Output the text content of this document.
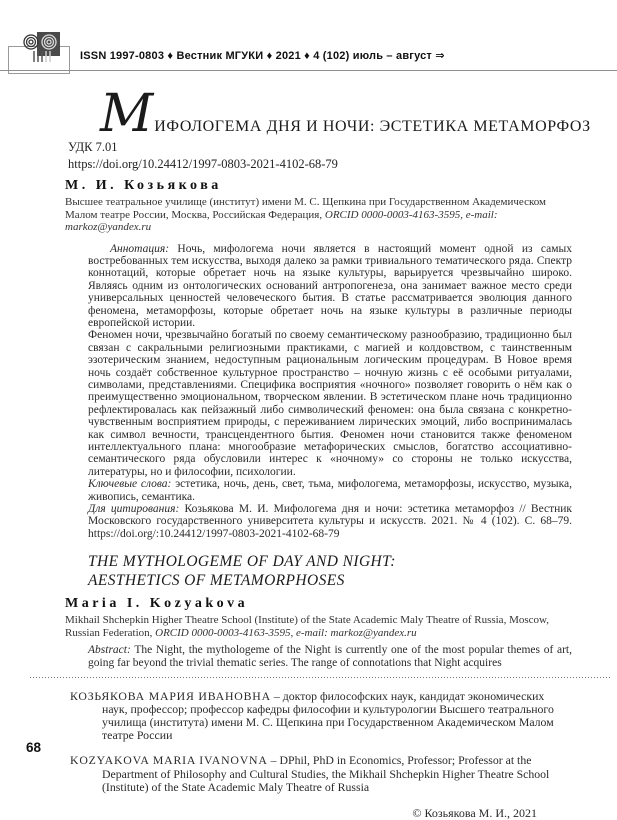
ISSN 1997-0803 ♦ Вестник МГУКИ ♦ 2021 ♦ 4 (102) июль – август ⇒
МИФОЛОГЕМА ДНЯ И НОЧИ: ЭСТЕТИКА МЕТАМОРФОЗ
УДК 7.01
https://doi.org/10.24412/1997-0803-2021-4102-68-79
М. И. Козьякова
Высшее театральное училище (институт) имени М. С. Щепкина при Государственном Академическом Малом театре России, Москва, Российская Федерация, ORCID 0000-0003-4163-3595, e-mail: markoz@yandex.ru

Аннотация: Ночь, мифологема ночи является в настоящий момент одной из самых востребованных тем искусства, выходя далеко за рамки тривиального тематического ряда. Спектр коннотаций, которые обретает ночь на языке культуры, варьируется чрезвычайно широко. Являясь одним из онтологических оснований антропогенеза, она занимает важное место среди универсальных ценностей человеческого бытия. В статье рассматривается эволюция данного феномена, метаморфозы, которые обретает ночь на языке культуры в различные периоды европейской истории.

Феномен ночи, чрезвычайно богатый по своему семантическому разнообразию, традиционно был связан с сакральными религиозными практиками, с магией и колдовством, с таинственным эзотерическим знанием, недоступным рациональным логическим процедурам. В Новое время ночь создаёт собственное культурное пространство – ночную жизнь с её особыми ритуалами, символами, представлениями. Специфика восприятия «ночного» позволяет говорить о нём как о преимущественно эмоциональном, творческом явлении. В эстетическом плане ночь традиционно рефлектировалась как пейзажный либо символический феномен: она была связана с конкретно-чувственным восприятием природы, с переживанием лирических эмоций, либо воспринималась как символ вечности, трансцендентного бытия. Феномен ночи становится также феноменом интеллектуального плана: многообразие метафорических смыслов, богатство ассоциативно-семантического ряда обусловили интерес к «ночному» со стороны не только искусства, литературы, но и философии, психологии.

Ключевые слова: эстетика, ночь, день, свет, тьма, мифологема, метаморфозы, искусство, музыка, живопись, семантика.

Для цитирования: Козьякова М. И. Мифологема дня и ночи: эстетика метаморфоз // Вестник Московского государственного университета культуры и искусств. 2021. № 4 (102). С. 68–79. https://doi.org/:10.24412/1997-0803-2021-4102-68-79

THE MYTHOLOGEME OF DAY AND NIGHT:
AESTHETICS OF METAMORPHOSES
Maria I. Kozyakova
Mikhail Shchepkin Higher Theatre School (Institute) of the State Academic Maly Theatre of Russia, Moscow, Russian Federation, ORCID 0000-0003-4163-3595, e-mail: markoz@yandex.ru

Abstract: The Night, the mythologeme of the Night is currently one of the most popular themes of art, going far beyond the trivial thematic series. The range of connotations that Night acquires

КОЗЬЯКОВА МАРИЯ ИВАНОВНА – доктор философских наук, кандидат экономических наук, профессор; профессор кафедры философии и культурологии Высшего театрального училища (института) имени М. С. Щепкина при Государственном Академическом Малом театре России

KOZYAKOVA MARIA IVANOVNA – DPhil, PhD in Economics, Professor; Professor at the Department of Philosophy and Cultural Studies, the Mikhail Shchepkin Higher Theatre School (Institute) of the State Academic Maly Theatre of Russia

© Козьякова М. И., 2021
68
